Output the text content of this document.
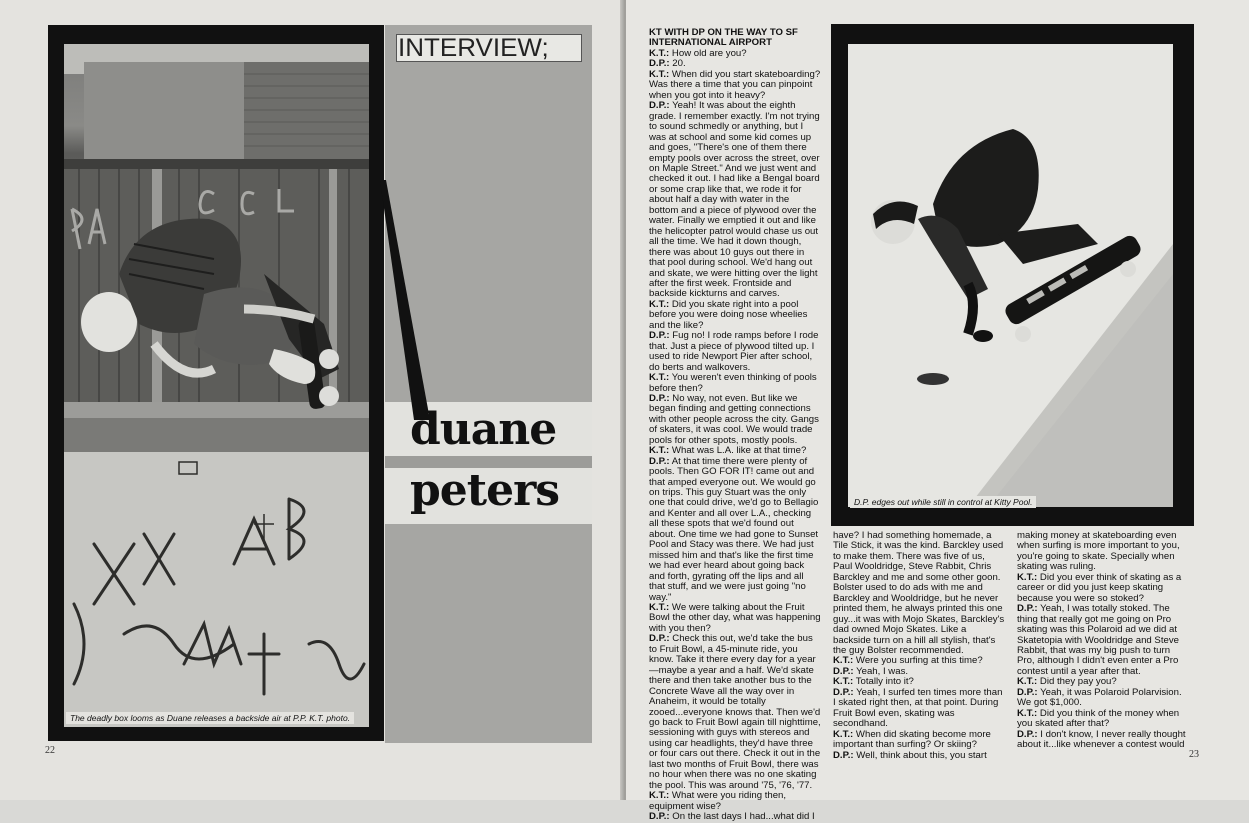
The deadly box looms as Duane releases a backside air at P.P. K.T. photo.
INTERVIEW;
duane
peters
22
KT WITH DP ON THE WAY TO SF INTERNATIONAL AIRPORT

K.T.: How old are you?

D.P.: 20.

K.T.: When did you start skateboarding? Was there a time that you can pinpoint when you got into it heavy?

D.P.: Yeah! It was about the eighth grade. I remember exactly. I'm not trying to sound schmedly or anything, but I was at school and some kid comes up and goes, "There's one of them there empty pools over across the street, over on Maple Street." And we just went and checked it out. I had like a Bengal board or some crap like that, we rode it for about half a day with water in the bottom and a piece of plywood over the water. Finally we emptied it out and like the helicopter patrol would chase us out all the time. We had it down though, there was about 10 guys out there in that pool during school. We'd hang out and skate, we were hitting over the light after the first week. Frontside and backside kickturns and carves.

K.T.: Did you skate right into a pool before you were doing nose wheelies and the like?

D.P.: Fug no! I rode ramps before I rode that. Just a piece of plywood tilted up. I used to ride Newport Pier after school, do berts and walkovers.

K.T.: You weren't even thinking of pools before then?

D.P.: No way, not even. But like we began finding and getting connections with other people across the city. Gangs of skaters, it was cool. We would trade pools for other spots, mostly pools.

K.T.: What was L.A. like at that time?

D.P.: At that time there were plenty of pools. Then GO FOR IT! came out and that amped everyone out. We would go on trips. This guy Stuart was the only one that could drive, we'd go to Bellagio and Kenter and all over L.A., checking all these spots that we'd found out about. One time we had gone to Sunset Pool and Stacy was there. We had just missed him and that's like the first time we had ever heard about going back and forth, gyrating off the lips and all that stuff, and we were just going "no way."

K.T.: We were talking about the Fruit Bowl the other day, what was happening with you then?

D.P.: Check this out, we'd take the bus to Fruit Bowl, a 45-minute ride, you know. Take it there every day for a year—maybe a year and a half. We'd skate there and then take another bus to the Concrete Wave all the way over in Anaheim, it would be totally zooed...everyone knows that. Then we'd go back to Fruit Bowl again till nighttime, sessioning with guys with stereos and using car headlights, they'd have three or four cars out there. Check it out in the last two months of Fruit Bowl, there was no hour when there was no one skating the pool. This was around '75, '76, '77.

K.T.: What were you riding then, equipment wise?

D.P.: On the last days I had...what did I

D.P. edges out while still in control at Kitty Pool.

have? I had something homemade, a Tile Stick, it was the kind. Barckley used to make them. There was five of us, Paul Wooldridge, Steve Rabbit, Chris Barckley and me and some other goon. Bolster used to do ads with me and Barckley and Wooldridge, but he never printed them, he always printed this one guy...it was with Mojo Skates, Barckley's dad owned Mojo Skates. Like a backside turn on a hill all stylish, that's the guy Bolster recommended.

K.T.: Were you surfing at this time?

D.P.: Yeah, I was.

K.T.: Totally into it?

D.P.: Yeah, I surfed ten times more than I skated right then, at that point. During Fruit Bowl even, skating was secondhand.

K.T.: When did skating become more important than surfing? Or skiing?

D.P.: Well, think about this, you start

making money at skateboarding even when surfing is more important to you, you're going to skate. Specially when skating was ruling.

K.T.: Did you ever think of skating as a career or did you just keep skating because you were so stoked?

D.P.: Yeah, I was totally stoked. The thing that really got me going on Pro skating was this Polaroid ad we did at Skatetopia with Wooldridge and Steve Rabbit, that was my big push to turn Pro, although I didn't even enter a Pro contest until a year after that.

K.T.: Did they pay you?

D.P.: Yeah, it was Polaroid Polarvision. We got $1,000.

K.T.: Did you think of the money when you skated after that?

D.P.: I don't know, I never really thought about it...like whenever a contest would

23
